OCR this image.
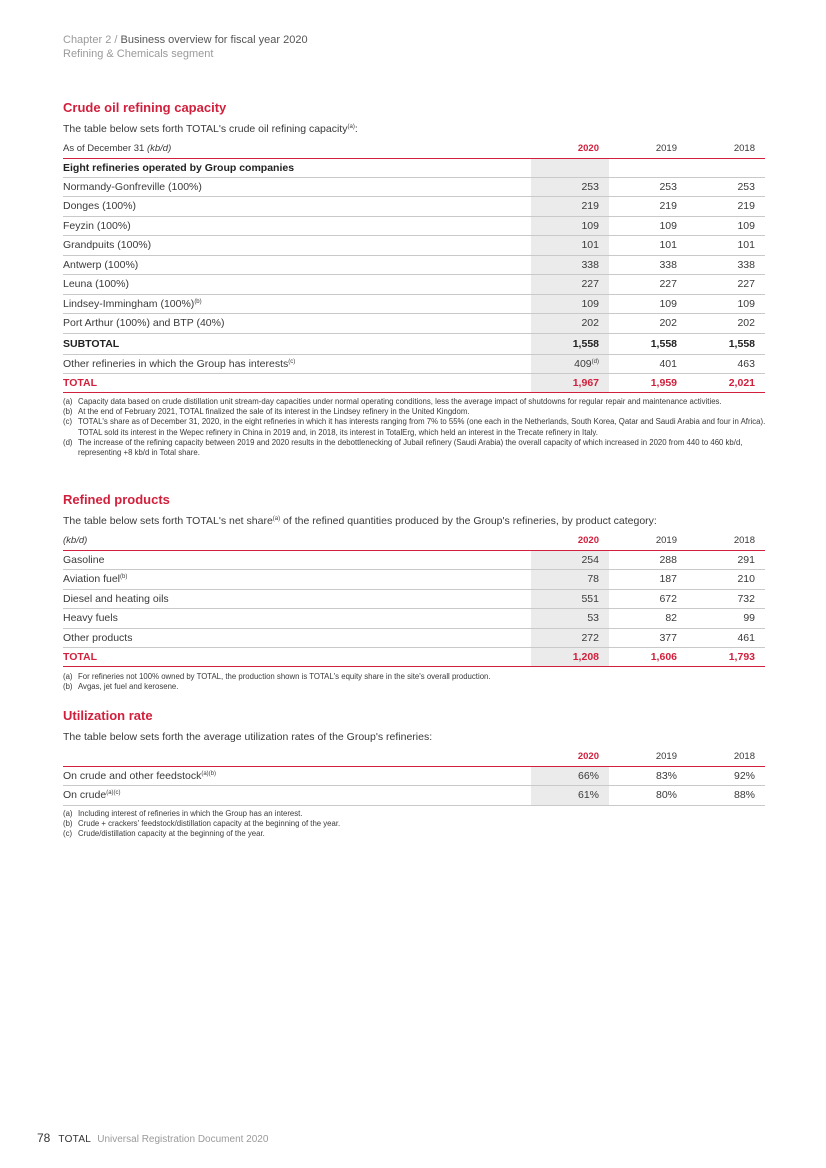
Chapter 2 / Business overview for fiscal year 2020
Refining & Chemicals segment
Crude oil refining capacity
The table below sets forth TOTAL's crude oil refining capacity$^{(a)}$:
As of December 31 (kb/d)	2020	2019	2018
Eight refineries operated by Group companies			
Normandy-Gonfreville (100%)	253	253	253
Donges (100%)	219	219	219
Feyzin (100%)	109	109	109
Grandpuits (100%)	101	101	101
Antwerp (100%)	338	338	338
Leuna (100%)	227	227	227
Lindsey-Immingham $(100\%)^{(b)}$	109	109	109
Port Arthur (100%) and BTP (40%)	202	202	202
SUBTOTAL	1,558	1,558	1,558
Other refineries in which the Group has interests$^{(c)}$	409$^{(d)}$	401	463
TOTAL	1,967	1,959	2,021
(a) Capacity data based on crude distillation unit stream-day capacities under normal operating conditions, less the average impact of shutdowns for regular repair and maintenance activities.
(b) At the end of February 2021, TOTAL finalized the sale of its interest in the Lindsey refinery in the United Kingdom.
(c) TOTAL's share as of December 31, 2020, in the eight refineries in which it has interests ranging from 7% to 55% (one each in the Netherlands, South Korea, Qatar and Saudi Arabia and four in Africa). TOTAL sold its interest in the Wepec refinery in China in 2019 and, in 2018, its interest in TotalErg, which held an interest in the Trecate refinery in Italy.
(d) The increase of the refining capacity between 2019 and 2020 results in the debottlenecking of Jubail refinery (Saudi Arabia) the overall capacity of which increased in 2020 from 440 to 460 kb/d, representing +8 kb/d in Total share.
Refined products
The table below sets forth TOTAL's net share$^{(a)}$ of the refined quantities produced by the Group's refineries, by product category:
(kb/d)	2020	2019	2018
Gasoline	254	288	291
Aviation fuel$^{(b)}$	78	187	210
Diesel and heating oils	551	672	732
Heavy fuels	53	82	99
Other products	272	377	461
TOTAL	1,208	1,606	1,793
(a) For refineries not 100% owned by TOTAL, the production shown is TOTAL's equity share in the site's overall production.
(b) Avgas, jet fuel and kerosene.
Utilization rate
The table below sets forth the average utilization rates of the Group's refineries:
	2020	2019	2018
On crude and other feedstock$^{(a)(b)}$	66%	83%	92%
On crude$^{(a)(c)}$	61%	80%	88%
(a) Including interest of refineries in which the Group has an interest.
(b) Crude + crackers' feedstock/distillation capacity at the beginning of the year.
(c) Crude/distillation capacity at the beginning of the year.
78 TOTAL Universal Registration Document 2020
